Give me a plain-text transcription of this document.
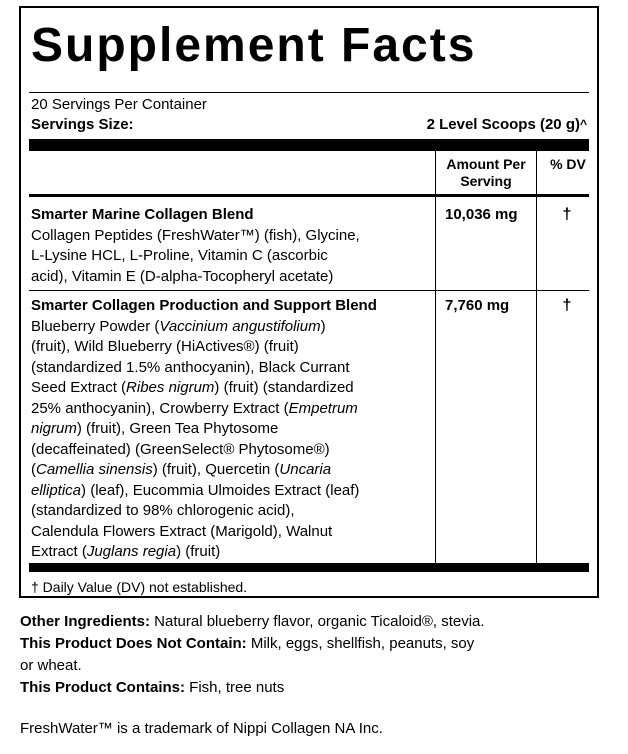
Supplement Facts
20 Servings Per Container
Servings Size:	2 Level Scoops (20 g)^
Amount Per Serving
% DV
Smarter Marine Collagen Blend
Collagen Peptides (FreshWater™) (fish), Glycine,
L-Lysine HCL, L-Proline, Vitamin C (ascorbic
acid), Vitamin E (D-alpha-Tocopheryl acetate)
10,036 mg	†
Smarter Collagen Production and Support Blend
Blueberry Powder (Vaccinium angustifolium)
(fruit), Wild Blueberry (HiActives®) (fruit)
(standardized 1.5% anthocyanin), Black Currant
Seed Extract (Ribes nigrum) (fruit) (standardized
25% anthocyanin), Crowberry Extract (Empetrum
nigrum) (fruit), Green Tea Phytosome
(decaffeinated) (GreenSelect® Phytosome®)
(Camellia sinensis) (fruit), Quercetin (Uncaria
elliptica) (leaf), Eucommia Ulmoides Extract (leaf)
(standardized to 98% chlorogenic acid),
Calendula Flowers Extract (Marigold), Walnut
Extract (Juglans regia) (fruit)
7,760 mg	†
† Daily Value (DV) not established.
Other Ingredients: Natural blueberry flavor, organic Ticaloid®, stevia.
This Product Does Not Contain: Milk, eggs, shellfish, peanuts, soy
or wheat.
This Product Contains: Fish, tree nuts
FreshWater™ is a trademark of Nippi Collagen NA Inc.
